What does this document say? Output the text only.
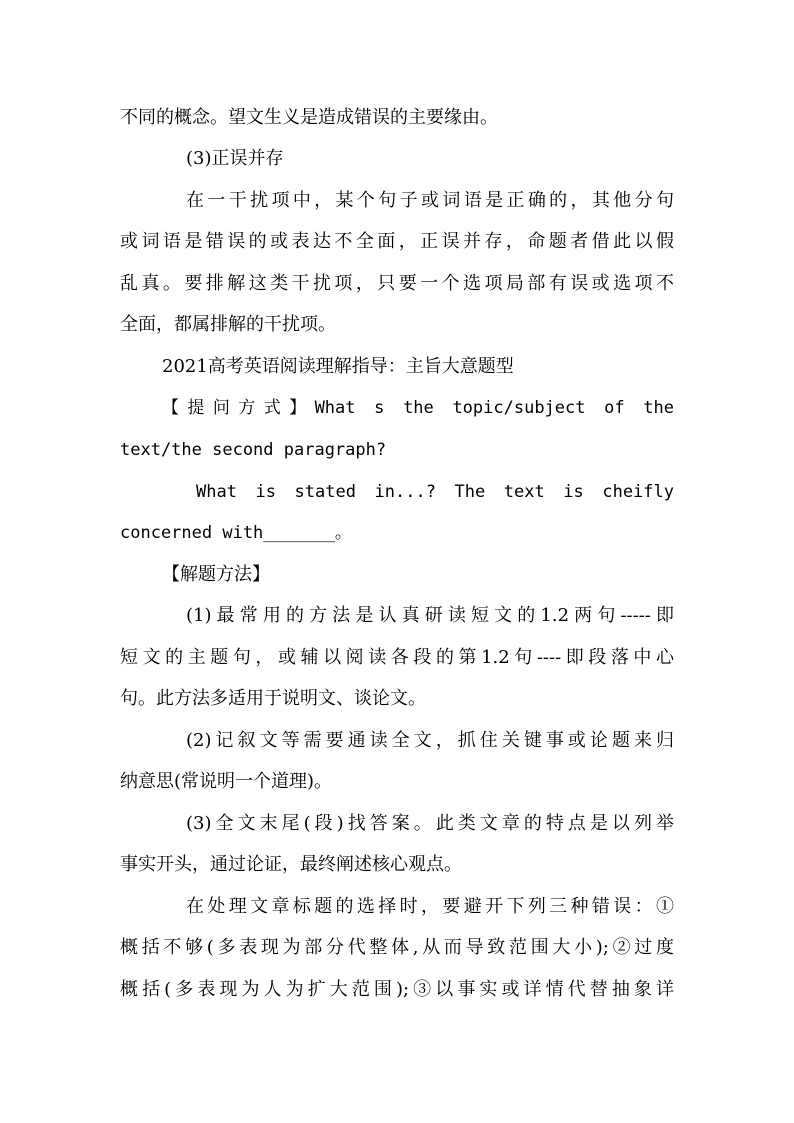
不同的概念。望文生义是造成错误的主要缘由。
(3)正误并存
在一干扰项中，某个句子或词语是正确的，其他分句
或词语是错误的或表达不全面，正误并存，命题者借此以假
乱真。要排解这类干扰项，只要一个选项局部有误或选项不
全面，都属排解的干扰项。
2021高考英语阅读理解指导：主旨大意题型
【提问方式】What s the topic/subject of the
text/the second paragraph?
What is stated in...? The text is cheifly
concerned with_______。
【解题方法】
(1)最常用的方法是认真研读短文的1.2两句-----即
短文的主题句，或辅以阅读各段的第1.2句----即段落中心
句。此方法多适用于说明文、谈论文。
(2)记叙文等需要通读全文，抓住关键事或论题来归
纳意思(常说明一个道理)。
(3)全文末尾(段)找答案。此类文章的特点是以列举
事实开头，通过论证，最终阐述核心观点。
在处理文章标题的选择时，要避开下列三种错误：①
概括不够(多表现为部分代整体,从而导致范围大小);②过度
概括(多表现为人为扩大范围);③以事实或详情代替抽象详
